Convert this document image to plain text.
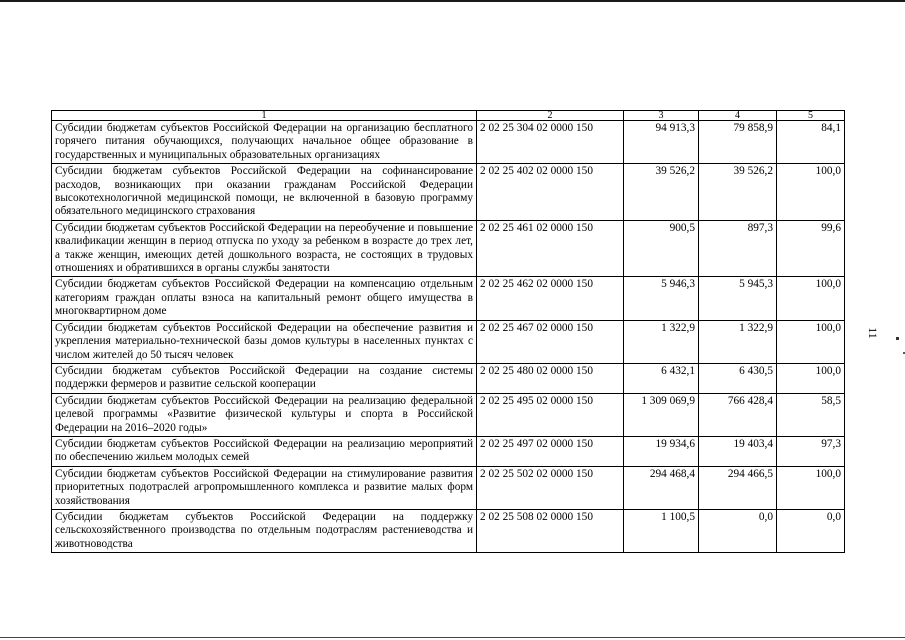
11
1	2	3	4	5
Субсидии бюджетам субъектов Российской Федерации на организацию бесплатного горячего питания обучающихся, получающих начальное общее образование в государственных и муниципальных образовательных организациях	2 02 25 304 02 0000 150	94 913,3	79 858,9	84,1
Субсидии бюджетам субъектов Российской Федерации на софинансирование расходов, возникающих при оказании гражданам Российской Федерации высокотехнологичной медицинской помощи, не включенной в базовую программу обязательного медицинского страхования	2 02 25 402 02 0000 150	39 526,2	39 526,2	100,0
Субсидии бюджетам субъектов Российской Федерации на переобучение и повышение квалификации женщин в период отпуска по уходу за ребенком в возрасте до трех лет, а также женщин, имеющих детей дошкольного возраста, не состоящих в трудовых отношениях и обратившихся в органы службы занятости	2 02 25 461 02 0000 150	900,5	897,3	99,6
Субсидии бюджетам субъектов Российской Федерации на компенсацию отдельным категориям граждан оплаты взноса на капитальный ремонт общего имущества в многоквартирном доме	2 02 25 462 02 0000 150	5 946,3	5 945,3	100,0
Субсидии бюджетам субъектов Российской Федерации на обеспечение развития и укрепления материально-технической базы домов культуры в населенных пунктах с числом жителей до 50 тысяч человек	2 02 25 467 02 0000 150	1 322,9	1 322,9	100,0
Субсидии бюджетам субъектов Российской Федерации на создание системы поддержки фермеров и развитие сельской кооперации	2 02 25 480 02 0000 150	6 432,1	6 430,5	100,0
Субсидии бюджетам субъектов Российской Федерации на реализацию федеральной целевой программы «Развитие физической культуры и спорта в Российской Федерации на 2016–2020 годы»	2 02 25 495 02 0000 150	1 309 069,9	766 428,4	58,5
Субсидии бюджетам субъектов Российской Федерации на реализацию мероприятий по обеспечению жильем молодых семей	2 02 25 497 02 0000 150	19 934,6	19 403,4	97,3
Субсидии бюджетам субъектов Российской Федерации на стимулирование развития приоритетных подотраслей агропромышленного комплекса и развитие малых форм хозяйствования	2 02 25 502 02 0000 150	294 468,4	294 466,5	100,0
Субсидии бюджетам субъектов Российской Федерации на поддержку сельскохозяйственного производства по отдельным подотраслям растениеводства и животноводства	2 02 25 508 02 0000 150	1 100,5	0,0	0,0
